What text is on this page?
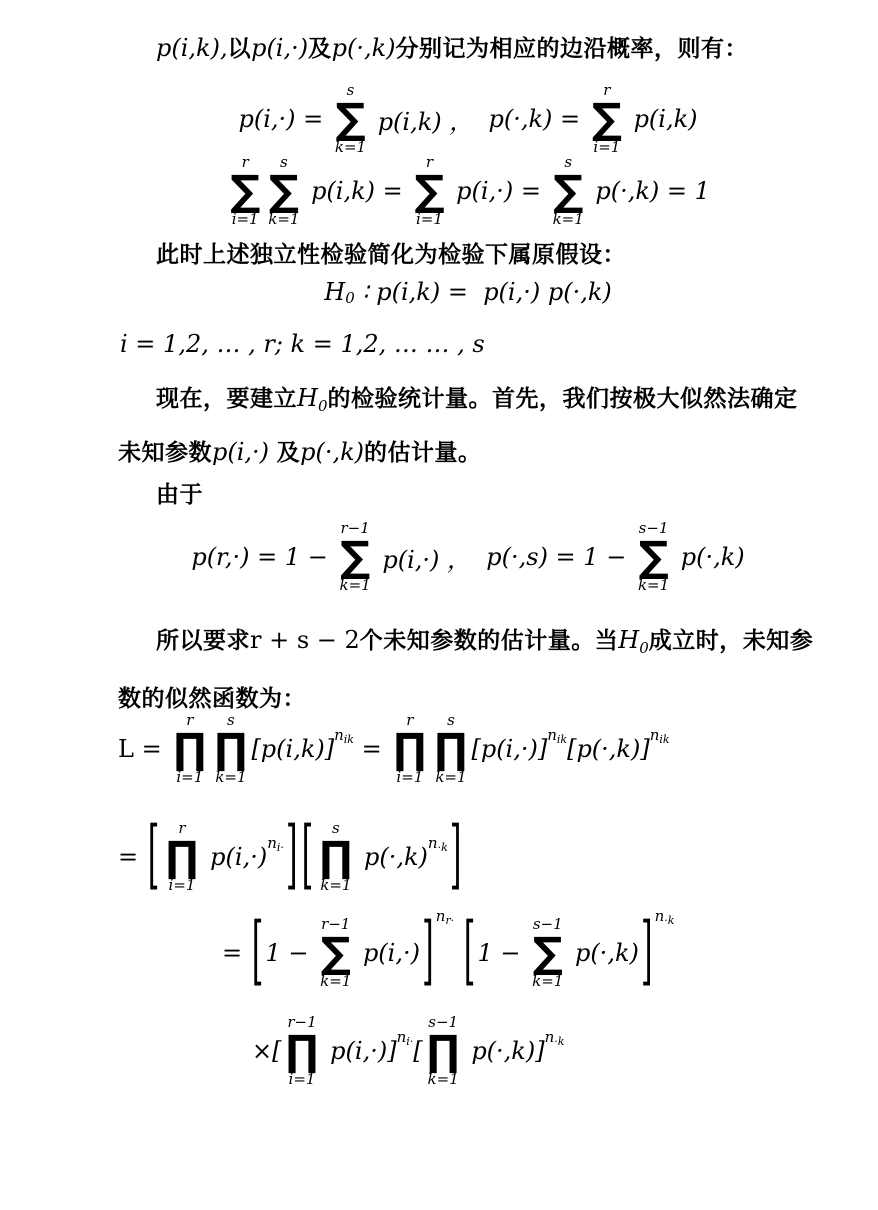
p(i,k), 以 p(i,·) 及 p(·,k) 分别记为相应的边沿概率，则有：
p(i,·) =
s
∑
k=1
p(i,k) ， p(·,k) =
r
∑
i=1
p(i,k)
r
∑
i=1
s
∑
k=1
p(i,k) =
r
∑
i=1
p(i,·) =
s
∑
k=1
p(·,k) = 1
此时上述独立性检验简化为检验下属原假设：
H 0 ∶ p(i,k) =  p(i,·) p(·,k)
i = 1,2, … , r; k = 1,2, … … , s
现在，要建立 H 0 的检验统计量。首先，我们按极大似然法确定
未知参数 p(i,·) 及 p(·,k) 的估计量。
由于
p(r,·) = 1 −
r−1
∑
k=1
p(i,·) ， p(·,s) = 1 −
s−1
∑
k=1
p(·,k)
所以要求 r + s − 2 个未知参数的估计量。当 H 0 成立时，未知参
数的似然函数为：
L =
r
∏
i=1
s
∏
k=1
[p(i,k)] $n_{ik}$ =
r
∏
i=1
s
∏
k=1
[p(i,·)] $n_{ik}$ [p(·,k)] $n_{ik}$
= [ r
∏
i=1
p(i,·) $n_{i\cdot}$ ] [ s
∏
k=1
p(·,k) $n_{\cdot k}$ ]
= [ 1 −
r−1
∑
k=1
p(i,·) ] $n_{r\cdot}$
[ 1 −
s−1
∑
k=1
p(·,k) ] $n_{\cdot k}$
×[
r−1
∏
i=1
p(i,·)] $n_{i\cdot}$ [
s−1
∏
k=1
p(·,k)] $n_{\cdot k}$
